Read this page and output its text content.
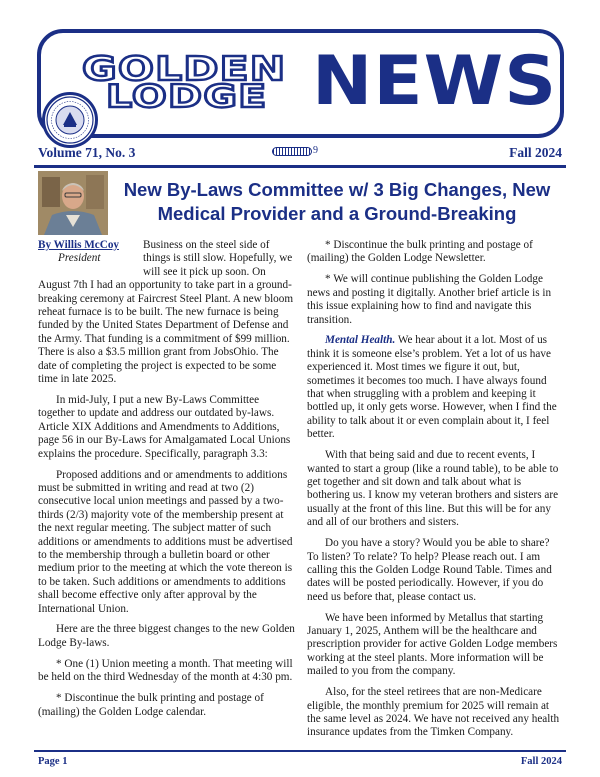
GOLDEN
LODGE NEWS
Volume 71, No. 3	9	Fall 2024
New By-Laws Committee w/ 3 Big Changes, New Medical Provider and a Ground-Breaking

By Willis McCoy
President
Business on the steel side of things is still slow. Hopefully, we will see it pick up soon. On August 7th I had an opportunity to take part in a ground-breaking ceremony at Faircrest Steel Plant. A new bloom reheat furnace is to be built. The new furnace is being funded by the United States Department of Defense and the Army. That funding is a commitment of $99 million. There is also a $3.5 million grant from JobsOhio. The date of completing the project is expected to be some time in late 2025.

In mid-July, I put a new By-Laws Committee together to update and address our outdated by-laws. Article XIX Additions and Amendments to Additions, page 56 in our By-Laws for Amalgamated Local Unions explains the procedure. Specifically, paragraph 3.3:

Proposed additions and or amendments to additions must be submitted in writing and read at two (2) consecutive local union meetings and passed by a two-thirds (2/3) majority vote of the membership present at the next regular meeting. The subject matter of such additions or amendments to additions must be advertised to the membership through a bulletin board or other medium prior to the meeting at which the vote thereon is to be taken. Such additions or amendments to additions shall become effective only after approval by the International Union.

Here are the three biggest changes to the new Golden Lodge By-laws.

* One (1) Union meeting a month. That meeting will be held on the third Wednesday of the month at 4:30 pm.

* Discontinue the bulk printing and postage of (mailing) the Golden Lodge calendar.

* Discontinue the bulk printing and postage of (mailing) the Golden Lodge Newsletter.

* We will continue publishing the Golden Lodge news and posting it digitally. Another brief article is in this issue explaining how to find and navigate this transition.

Mental Health. We hear about it a lot. Most of us think it is someone else’s problem. Yet a lot of us have experienced it. Most times we figure it out, but, sometimes it becomes too much. I have always found that when struggling with a problem and keeping it bottled up, it only gets worse. However, when I find the ability to talk about it or even complain about it, I feel better.

With that being said and due to recent events, I wanted to start a group (like a round table), to be able to get together and sit down and talk about what is bothering us. I know my veteran brothers and sisters are usually at the front of this line. But this will be for any and all of our brothers and sisters.

Do you have a story? Would you be able to share? To listen? To relate? To help? Please reach out. I am calling this the Golden Lodge Round Table. Times and dates will be posted periodically. However, if you do need us before that, please contact us.

We have been informed by Metallus that starting January 1, 2025, Anthem will be the healthcare and prescription provider for active Golden Lodge members working at the steel plants. More information will be mailed to you from the company.

Also, for the steel retirees that are non-Medicare eligible, the monthly premium for 2025 will remain at the same level as 2024. We have not received any health insurance updates from the Timken Company.

Page 1	Fall 2024
